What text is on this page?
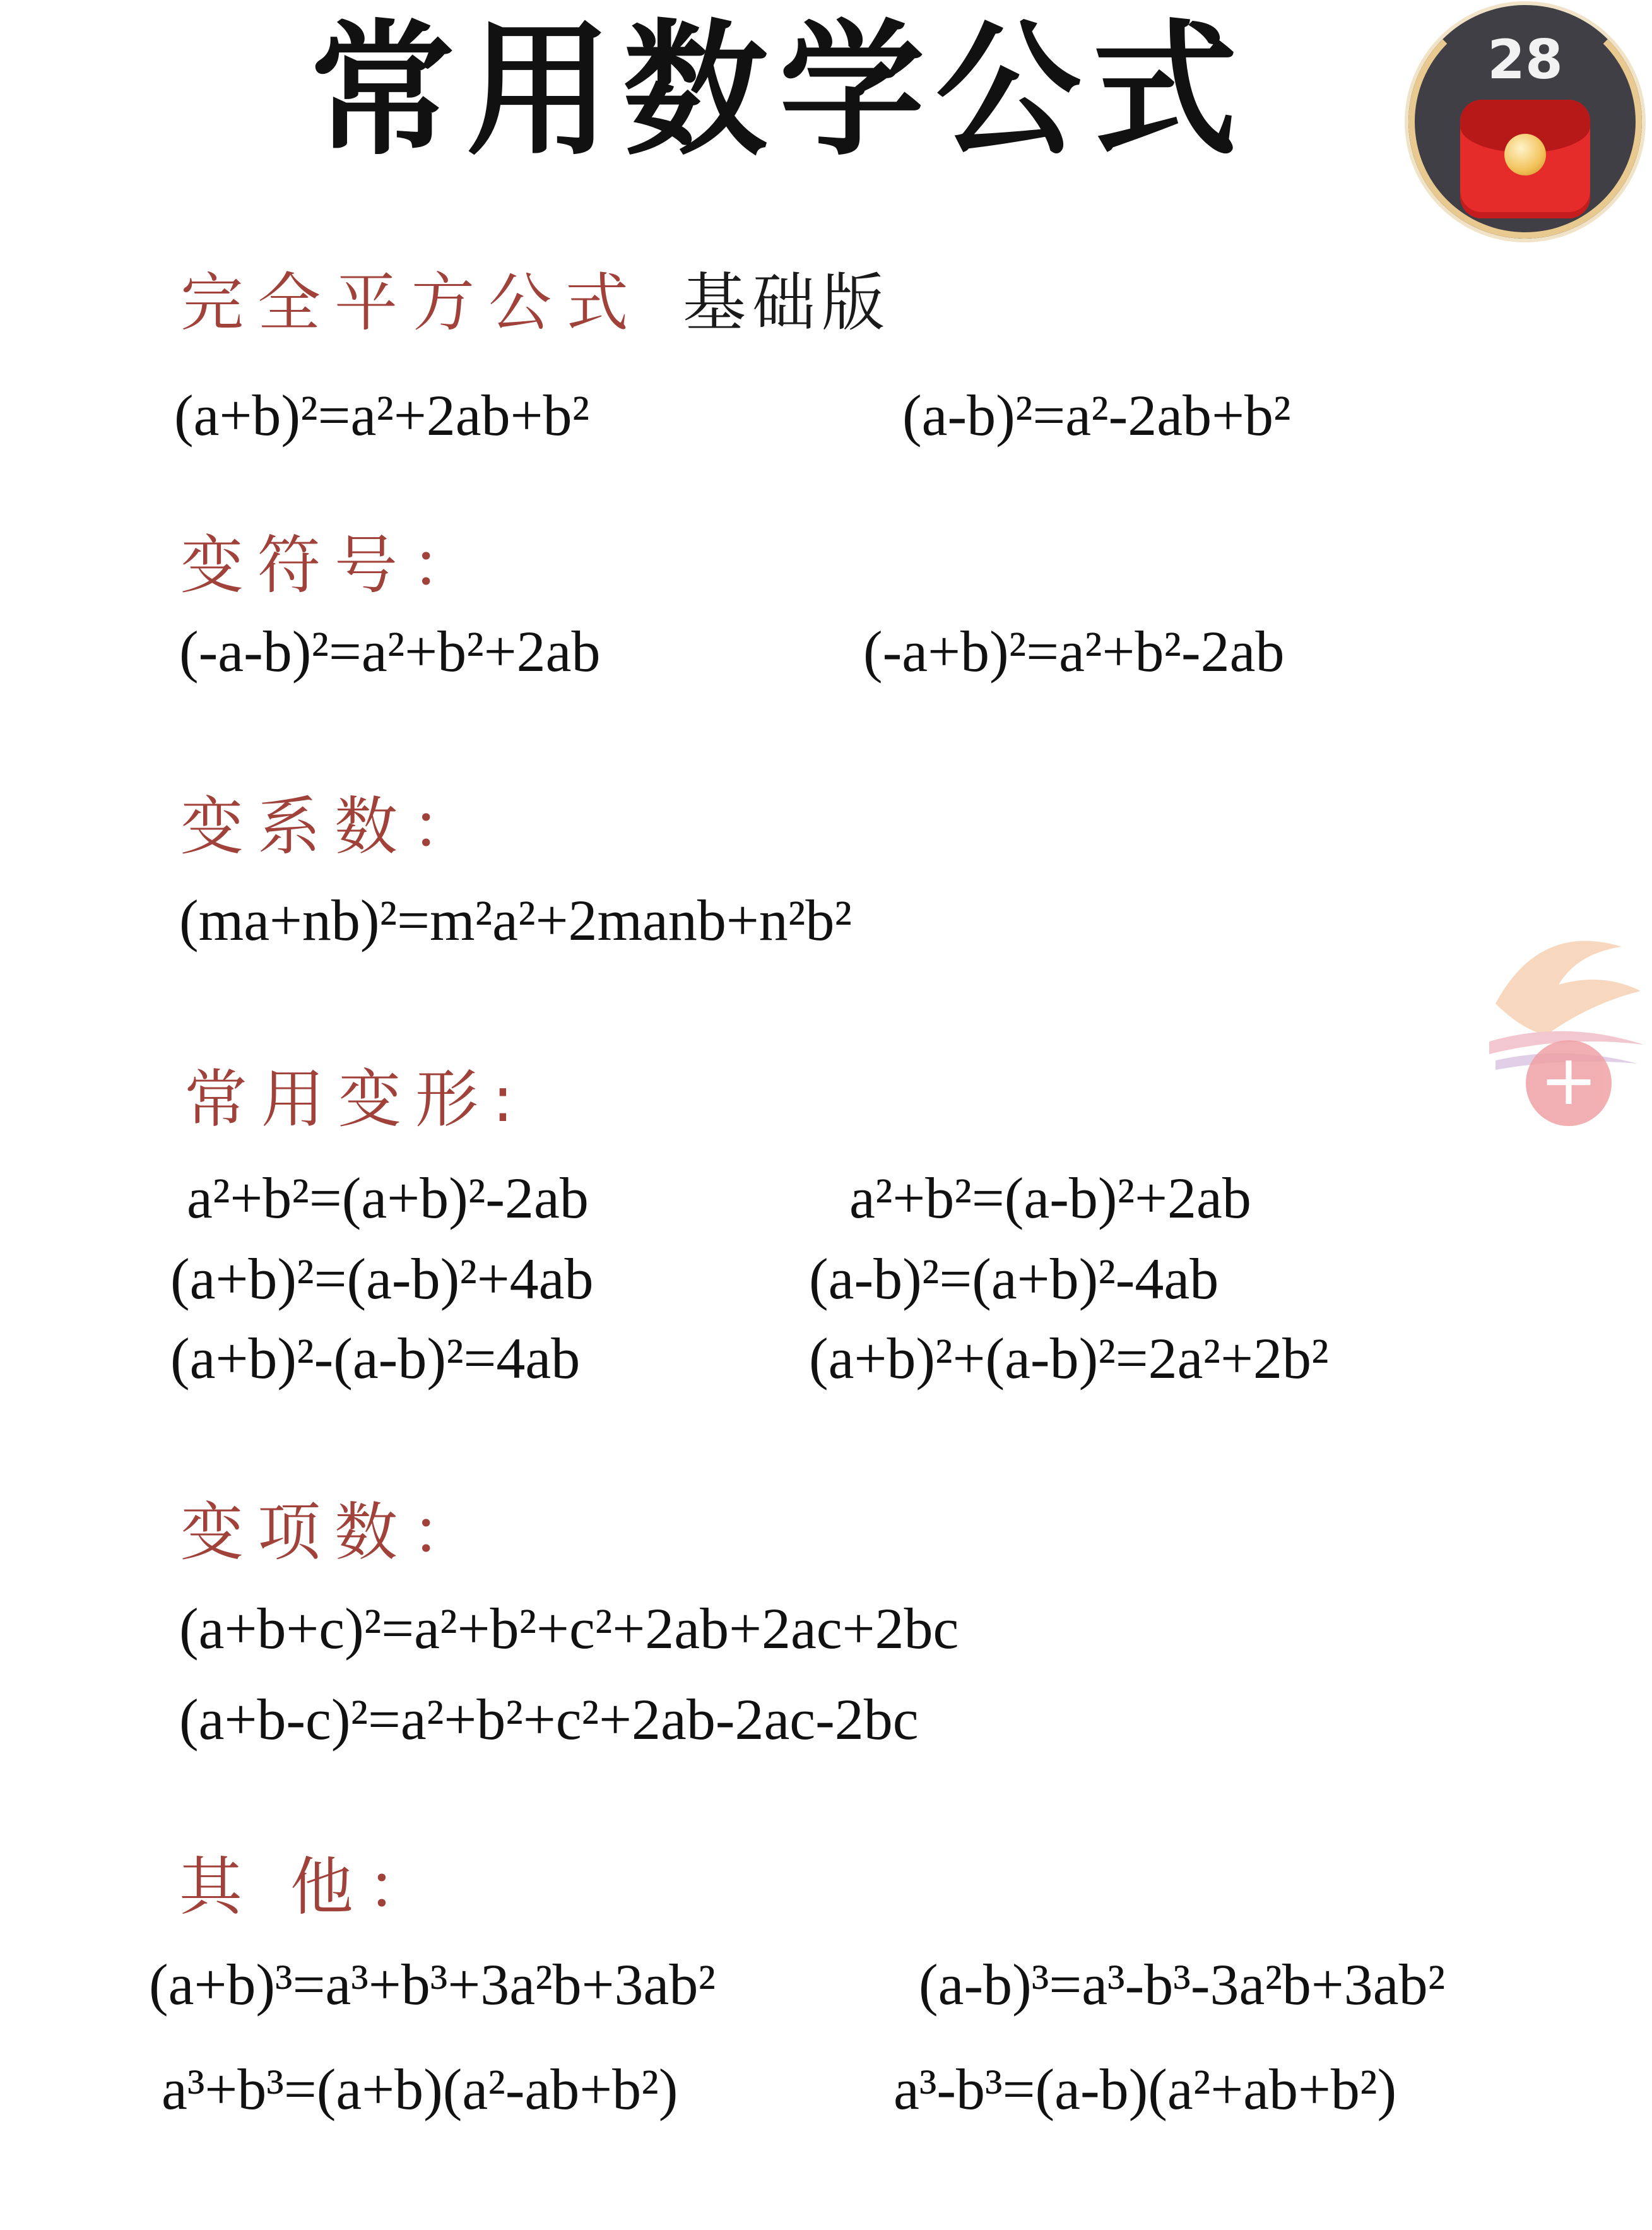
常用数学公式	28
完全平方公式 基础版
(a+b)²=a²+2ab+b²	(a-b)²=a²-2ab+b²
变符号：
(-a-b)²=a²+b²+2ab	(-a+b)²=a²+b²-2ab
变系数：
(ma+nb)²=m²a²+2manb+n²b²
常用变形:
a²+b²=(a+b)²-2ab	a²+b²=(a-b)²+2ab
(a+b)²=(a-b)²+4ab	(a-b)²=(a+b)²-4ab
(a+b)²-(a-b)²=4ab	(a+b)²+(a-b)²=2a²+2b²
变项数：
(a+b+c)²=a²+b²+c²+2ab+2ac+2bc
(a+b-c)²=a²+b²+c²+2ab-2ac-2bc
其 他：
(a+b)³=a³+b³+3a²b+3ab²	(a-b)³=a³-b³-3a²b+3ab²
a³+b³=(a+b)(a²-ab+b²)	a³-b³=(a-b)(a²+ab+b²)
+
